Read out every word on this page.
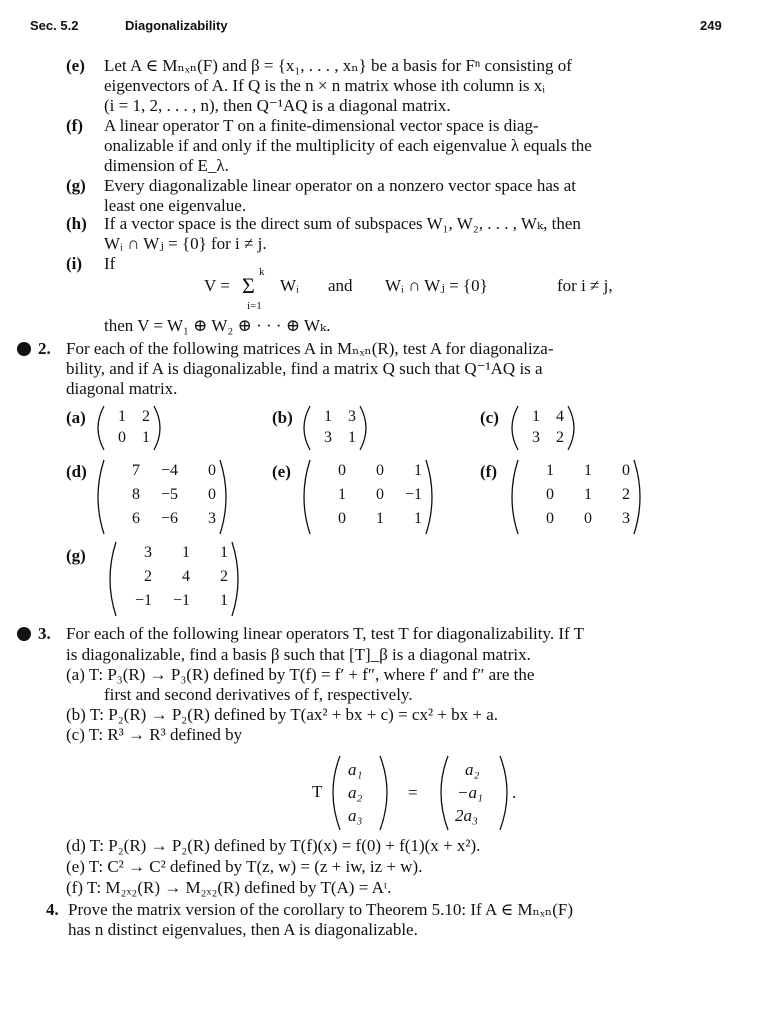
Sec. 5.2	Diagonalizability	249
(e) Let A ∈ Mₙₓₙ(F) and β = {x₁, . . . , xₙ} be a basis for Fⁿ consisting of
eigenvectors of A. If Q is the n × n matrix whose ith column is xᵢ
(i = 1, 2, . . . , n), then Q⁻¹AQ is a diagonal matrix.
(f) A linear operator T on a finite-dimensional vector space is diag-
onalizable if and only if the multiplicity of each eigenvalue λ equals the
dimension of E_λ.
(g) Every diagonalizable linear operator on a nonzero vector space has at
least one eigenvalue.
(h) If a vector space is the direct sum of subspaces W₁, W₂, . . . , Wₖ, then
Wᵢ ∩ Wⱼ = {0} for i ≠ j.
(i) If
V = Σ
k
i=1
Wᵢ and Wᵢ ∩ Wⱼ = {0}	for i ≠ j,
then V = W₁ ⊕ W₂ ⊕ · · · ⊕ Wₖ.
2. For each of the following matrices A in Mₙₓₙ(R), test A for diagonaliza-
bility, and if A is diagonalizable, find a matrix Q such that Q⁻¹AQ is a
diagonal matrix.
(a)	1	2
0	1
(b)	1	3
3	1
(c)	1	4
3	2
(d)	7	−4	0
8	−5	0
6	−6	3
(e)	0	0	1
1	0	−1
0	1	1
(f)	1	1	0
0	1	2
0	0	3
(g)	3	1	1
2	4	2
−1	−1	1
3. For each of the following linear operators T, test T for diagonalizability. If T
is diagonalizable, find a basis β such that [T]_β is a diagonal matrix.
(a) T: P₃(R) → P₃(R) defined by T(f) = f′ + f″, where f′ and f″ are the
first and second derivatives of f, respectively.
(b) T: P₂(R) → P₂(R) defined by T(ax² + bx + c) = cx² + bx + a.
(c) T: R³ → R³ defined by
T
a₁
a₂
a₃
=
a₂
−a₁
2a₃
.
(d) T: P₂(R) → P₂(R) defined by T(f)(x) = f(0) + f(1)(x + x²).
(e) T: C² → C² defined by T(z, w) = (z + iw, iz + w).
(f) T: M₂ₓ₂(R) → M₂ₓ₂(R) defined by T(A) = Aᵗ.
4. Prove the matrix version of the corollary to Theorem 5.10: If A ∈ Mₙₓₙ(F)
has n distinct eigenvalues, then A is diagonalizable.
